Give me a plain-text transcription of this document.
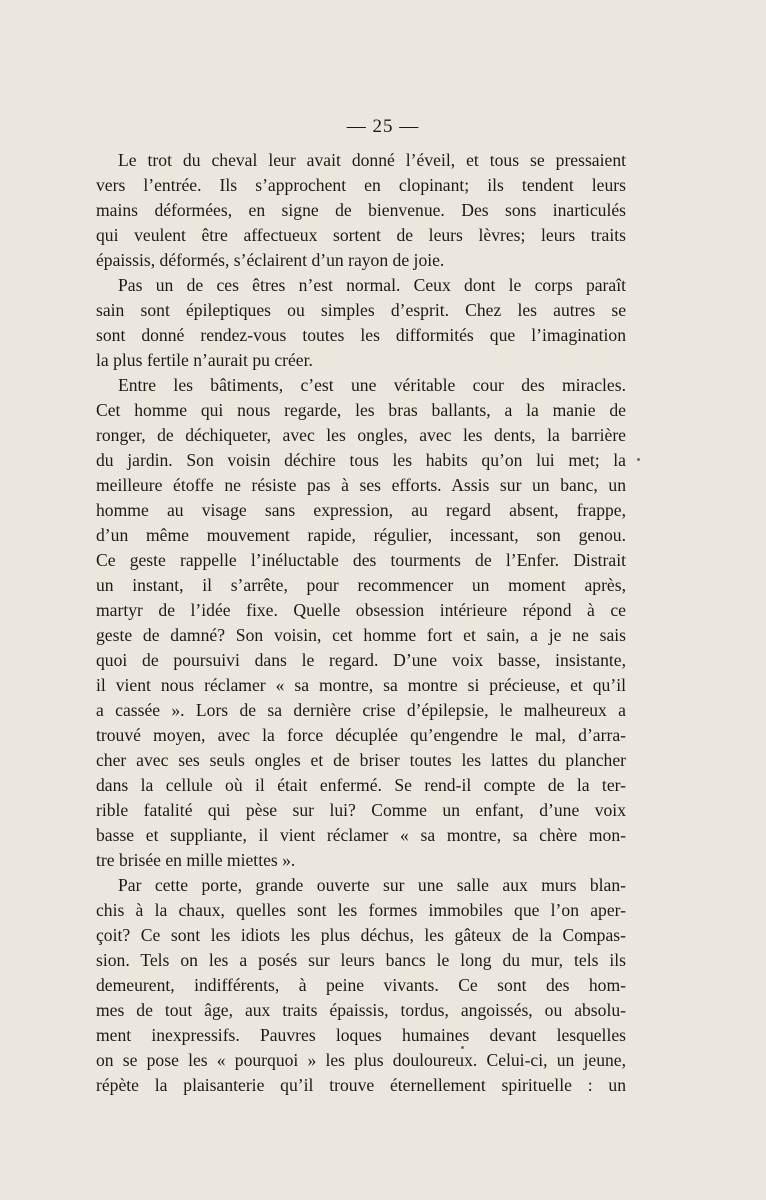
— 25 —
Le trot du cheval leur avait donné l’éveil, et tous se pressaient
vers l’entrée. Ils s’approchent en clopinant; ils tendent leurs
mains déformées, en signe de bienvenue. Des sons inarticulés
qui veulent être affectueux sortent de leurs lèvres; leurs traits
épaissis, déformés, s’éclairent d’un rayon de joie.
Pas un de ces êtres n’est normal. Ceux dont le corps paraît
sain sont épileptiques ou simples d’esprit. Chez les autres se
sont donné rendez-vous toutes les difformités que l’imagination
la plus fertile n’aurait pu créer.
Entre les bâtiments, c’est une véritable cour des miracles.
Cet homme qui nous regarde, les bras ballants, a la manie de
ronger, de déchiqueter, avec les ongles, avec les dents, la barrière
du jardin. Son voisin déchire tous les habits qu’on lui met; la
meilleure étoffe ne résiste pas à ses efforts. Assis sur un banc, un
homme au visage sans expression, au regard absent, frappe,
d’un même mouvement rapide, régulier, incessant, son genou.
Ce geste rappelle l’inéluctable des tourments de l’Enfer. Distrait
un instant, il s’arrête, pour recommencer un moment après,
martyr de l’idée fixe. Quelle obsession intérieure répond à ce
geste de damné? Son voisin, cet homme fort et sain, a je ne sais
quoi de poursuivi dans le regard. D’une voix basse, insistante,
il vient nous réclamer « sa montre, sa montre si précieuse, et qu’il
a cassée ». Lors de sa dernière crise d’épilepsie, le malheureux a
trouvé moyen, avec la force décuplée qu’engendre le mal, d’arra-
cher avec ses seuls ongles et de briser toutes les lattes du plancher
dans la cellule où il était enfermé. Se rend-il compte de la ter-
rible fatalité qui pèse sur lui? Comme un enfant, d’une voix
basse et suppliante, il vient réclamer « sa montre, sa chère mon-
tre brisée en mille miettes ».
Par cette porte, grande ouverte sur une salle aux murs blan-
chis à la chaux, quelles sont les formes immobiles que l’on aper-
çoit? Ce sont les idiots les plus déchus, les gâteux de la Compas-
sion. Tels on les a posés sur leurs bancs le long du mur, tels ils
demeurent, indifférents, à peine vivants. Ce sont des hom-
mes de tout âge, aux traits épaissis, tordus, angoissés, ou absolu-
ment inexpressifs. Pauvres loques humaines devant lesquelles
on se pose les « pourquoi » les plus douloureux. Celui-ci, un jeune,
répète la plaisanterie qu’il trouve éternellement spirituelle : un
